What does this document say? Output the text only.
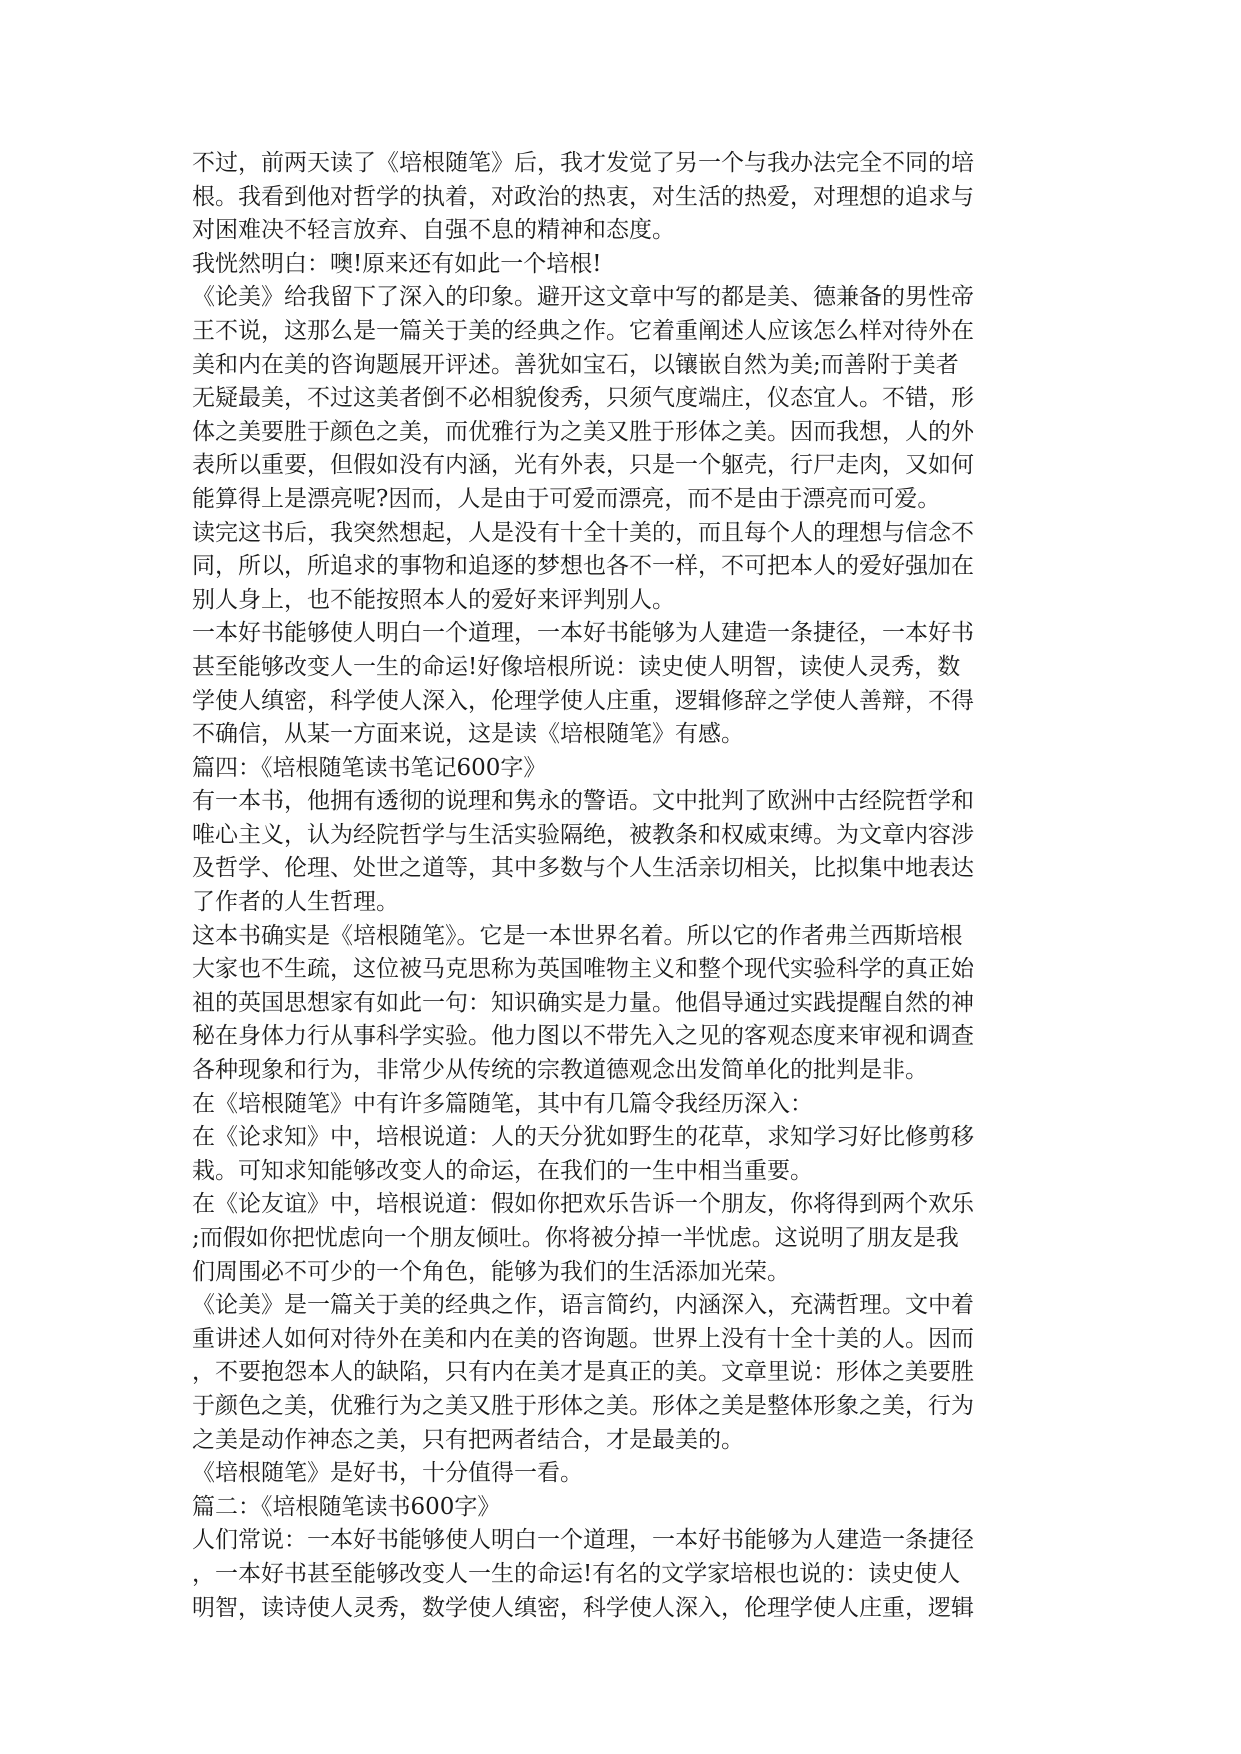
不过，前两天读了《培根随笔》后，我才发觉了另一个与我办法完全不同的培
根。我看到他对哲学的执着，对政治的热衷，对生活的热爱，对理想的追求与
对困难决不轻言放弃、自强不息的精神和态度。
我恍然明白：噢!原来还有如此一个培根!
《论美》给我留下了深入的印象。避开这文章中写的都是美、德兼备的男性帝
王不说，这那么是一篇关于美的经典之作。它着重阐述人应该怎么样对待外在
美和内在美的咨询题展开评述。善犹如宝石，以镶嵌自然为美;而善附于美者
无疑最美，不过这美者倒不必相貌俊秀，只须气度端庄，仪态宜人。不错，形
体之美要胜于颜色之美，而优雅行为之美又胜于形体之美。因而我想，人的外
表所以重要，但假如没有内涵，光有外表，只是一个躯壳，行尸走肉，又如何
能算得上是漂亮呢?因而，人是由于可爱而漂亮，而不是由于漂亮而可爱。
读完这书后，我突然想起，人是没有十全十美的，而且每个人的理想与信念不
同，所以，所追求的事物和追逐的梦想也各不一样，不可把本人的爱好强加在
别人身上，也不能按照本人的爱好来评判别人。
一本好书能够使人明白一个道理，一本好书能够为人建造一条捷径，一本好书
甚至能够改变人一生的命运!好像培根所说：读史使人明智，读使人灵秀，数
学使人缜密，科学使人深入，伦理学使人庄重，逻辑修辞之学使人善辩，不得
不确信，从某一方面来说，这是读《培根随笔》有感。
篇四：《培根随笔读书笔记600字》
有一本书，他拥有透彻的说理和隽永的警语。文中批判了欧洲中古经院哲学和
唯心主义，认为经院哲学与生活实验隔绝，被教条和权威束缚。为文章内容涉
及哲学、伦理、处世之道等，其中多数与个人生活亲切相关，比拟集中地表达
了作者的人生哲理。
这本书确实是《培根随笔》。它是一本世界名着。所以它的作者弗兰西斯培根
大家也不生疏，这位被马克思称为英国唯物主义和整个现代实验科学的真正始
祖的英国思想家有如此一句：知识确实是力量。他倡导通过实践提醒自然的神
秘在身体力行从事科学实验。他力图以不带先入之见的客观态度来审视和调查
各种现象和行为，非常少从传统的宗教道德观念出发简单化的批判是非。
在《培根随笔》中有许多篇随笔，其中有几篇令我经历深入：
在《论求知》中，培根说道：人的天分犹如野生的花草，求知学习好比修剪移
栽。可知求知能够改变人的命运，在我们的一生中相当重要。
在《论友谊》中，培根说道：假如你把欢乐告诉一个朋友，你将得到两个欢乐
;而假如你把忧虑向一个朋友倾吐。你将被分掉一半忧虑。这说明了朋友是我
们周围必不可少的一个角色，能够为我们的生活添加光荣。
《论美》是一篇关于美的经典之作，语言简约，内涵深入，充满哲理。文中着
重讲述人如何对待外在美和内在美的咨询题。世界上没有十全十美的人。因而
，不要抱怨本人的缺陷，只有内在美才是真正的美。文章里说：形体之美要胜
于颜色之美，优雅行为之美又胜于形体之美。形体之美是整体形象之美，行为
之美是动作神态之美，只有把两者结合，才是最美的。
《培根随笔》是好书，十分值得一看。
篇二：《培根随笔读书600字》
人们常说：一本好书能够使人明白一个道理，一本好书能够为人建造一条捷径
，一本好书甚至能够改变人一生的命运!有名的文学家培根也说的：读史使人
明智，读诗使人灵秀，数学使人缜密，科学使人深入，伦理学使人庄重，逻辑
